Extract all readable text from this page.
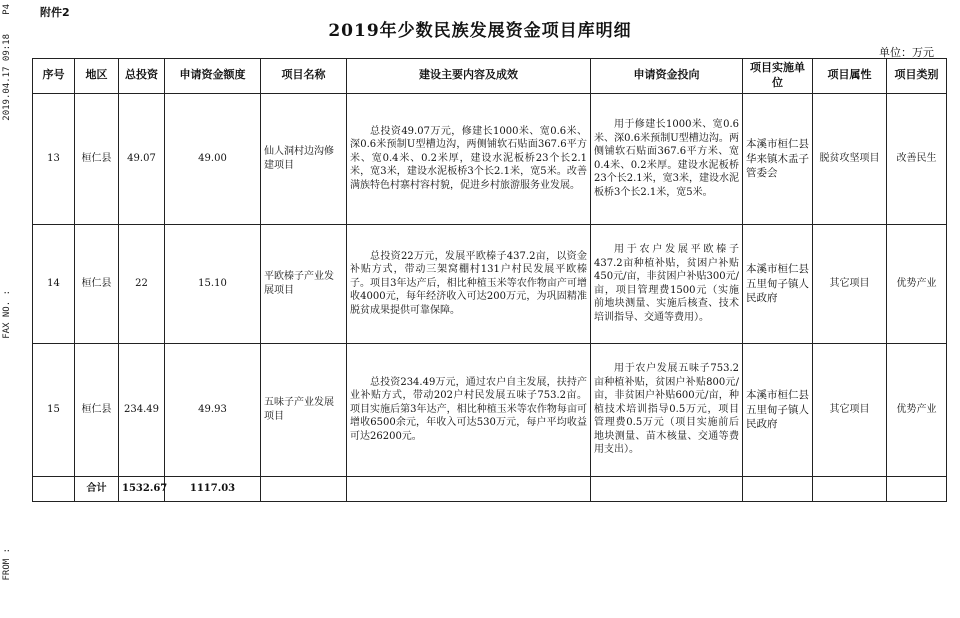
P4
2019.04.17 09:18
FAX NO. :
FROM :
附件2
2019年少数民族发展资金项目库明细
单位：万元
序号	地区	总投资	申请资金额度	项目名称	建设主要内容及成效	申请资金投向	项目实施单位	项目属性	项目类别
13	桓仁县	49.07	49.00	仙人洞村边沟修建项目	总投资49.07万元，修建长1000米、宽0.6米、深0.6米预制U型槽边沟，两侧铺软石贴面367.6平方米、宽0.4米、0.2米厚，建设水泥板桥23个长2.1米，宽3米，建设水泥板桥3个长2.1米，宽5米。改善满族特色村寨村容村貌，促进乡村旅游服务业发展。	用于修建长1000米、宽0.6米、深0.6米预制U型槽边沟。两侧铺软石贴面367.6平方米、宽0.4米、0.2米厚。建设水泥板桥23个长2.1米，宽3米，建设水泥板桥3个长2.1米，宽5米。	本溪市桓仁县华来镇木盂子管委会	脱贫攻坚项目	改善民生
14	桓仁县	22	15.10	平欧榛子产业发展项目	总投资22万元，发展平欧榛子437.2亩，以资金补贴方式，带动三架窝棚村131户村民发展平欧榛子。项目3年达产后，相比种植玉米等农作物亩产可增收4000元，每年经济收入可达200万元，为巩固精准脱贫成果提供可靠保障。	用于农户发展平欧榛子437.2亩种植补贴，贫困户补贴450元/亩，非贫困户补贴300元/亩，项目管理费1500元（实施前地块测量、实施后核查、技术培训指导、交通等费用）。	本溪市桓仁县五里甸子镇人民政府	其它项目	优势产业
15	桓仁县	234.49	49.93	五味子产业发展项目	总投资234.49万元，通过农户自主发展，扶持产业补贴方式，带动202户村民发展五味子753.2亩。项目实施后第3年达产，相比种植玉米等农作物每亩可增收6500余元，年收入可达530万元，每户平均收益可达26200元。	用于农户发展五味子753.2亩种植补贴，贫困户补贴800元/亩，非贫困户补贴600元/亩，种植技术培训指导0.5万元，项目管理费0.5万元（项目实施前后地块测量、苗木核量、交通等费用支出）。	本溪市桓仁县五里甸子镇人民政府	其它项目	优势产业
	合计	1532.67	1117.03						
